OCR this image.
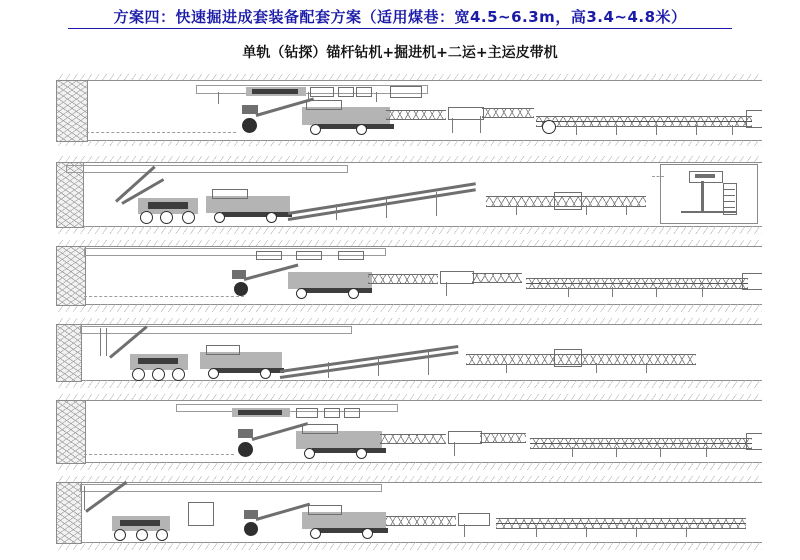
方案四：快速掘进成套装备配套方案（适用煤巷：宽4.5~6.3m，高3.4~4.8米）
单轨（钻探）锚杆钻机+掘进机+二运+主运皮带机
